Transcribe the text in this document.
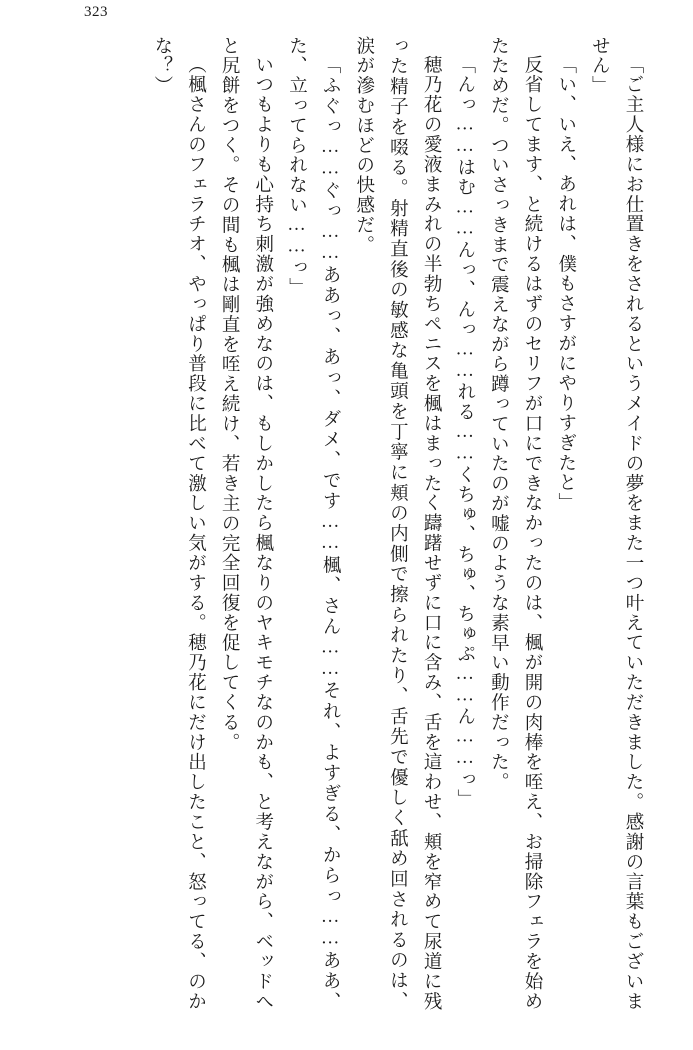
323

「ご主人様にお仕置きをされるというメイドの夢をまた一つ叶えていただきました。感謝の言葉もございません」

「い、いえ、あれは、僕もさすがにやりすぎたと」

反省してます、と続けるはずのセリフが口にできなかったのは、楓が開の肉棒を咥え、お掃除フェラを始めたためだ。ついさっきまで震えながら蹲っていたのが嘘のような素早い動作だった。

「んっ……はむ……んっ、んっ……れる……くちゅ、ちゅ、ちゅぷ……ん……っ」

穂乃花の愛液まみれの半勃ちペニスを楓はまったく躊躇せずに口に含み、舌を這わせ、頬を窄めて尿道に残った精子を啜る。射精直後の敏感な亀頭を丁寧に頬の内側で擦られたり、舌先で優しく舐め回されるのは、涙が滲むほどの快感だ。

「ふぐっ……ぐっ……ああっ、あっ、ダメ、です……楓、さん……それ、よすぎる、からっ……ああ、た、立ってられない……っ」

いつもよりも心持ち刺激が強めなのは、もしかしたら楓なりのヤキモチなのかも、と考えながら、ベッドへと尻餅をつく。その間も楓は剛直を咥え続け、若き主の完全回復を促してくる。

（楓さんのフェラチオ、やっぱり普段に比べて激しい気がする。穂乃花にだけ出したこと、怒ってる、のかな？）
